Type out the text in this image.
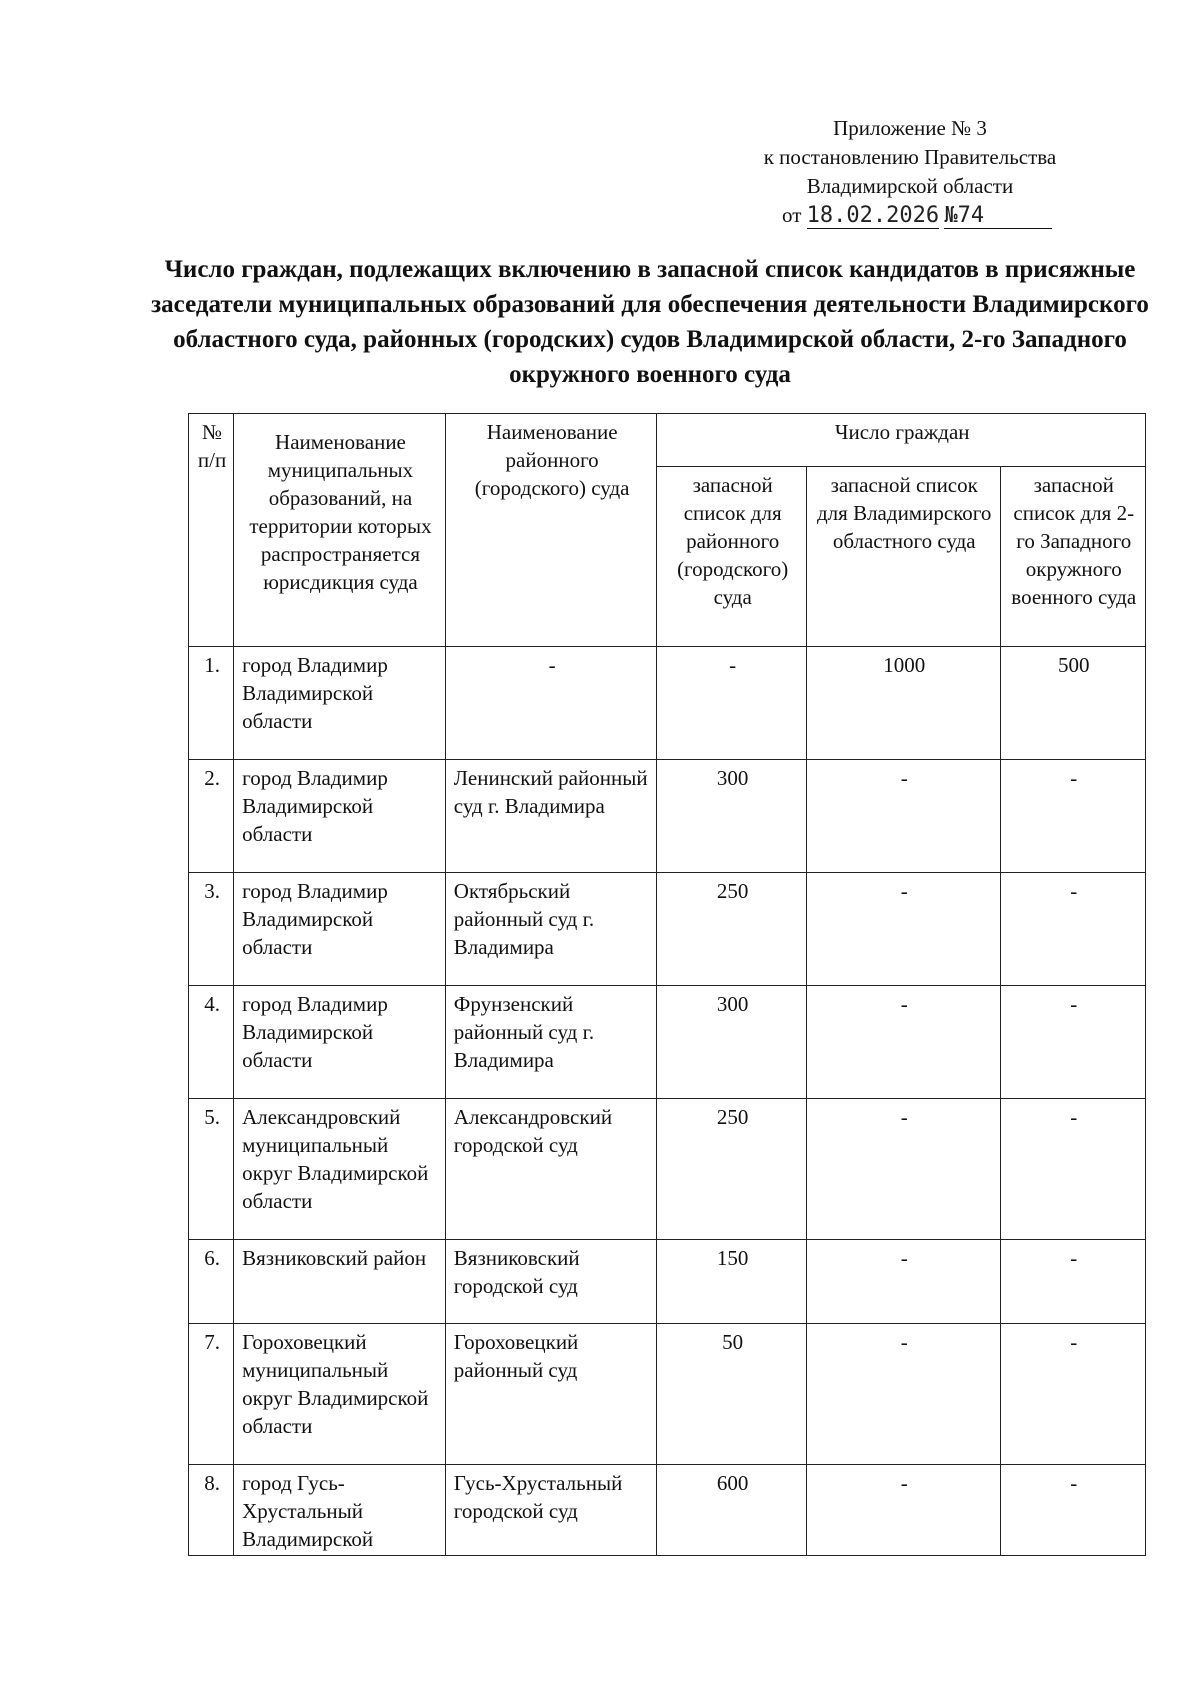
Приложение № 3
к постановлению Правительства
Владимирской области
от 18.02.2026 №74
Число граждан, подлежащих включению в запасной список кандидатов в присяжные заседатели муниципальных образований для обеспечения деятельности Владимирского областного суда, районных (городских) судов Владимирской области, 2-го Западного окружного военного суда
№ п/п	Наименование муниципальных образований, на территории которых распространяется юрисдикция суда	Наименование районного (городского) суда	Число граждан		
			запасной список для районного (городского) суда	запасной список для Владимирского областного суда	запасной список для 2-го Западного окружного военного суда
1.	город Владимир Владимирской области	-	-	1000	500
2.	город Владимир Владимирской области	Ленинский районный суд г. Владимира	300	-	-
3.	город Владимир Владимирской области	Октябрьский районный суд г. Владимира	250	-	-
4.	город Владимир Владимирской области	Фрунзенский районный суд г. Владимира	300	-	-
5.	Александровский муниципальный округ Владимирской области	Александровский городской суд	250	-	-
6.	Вязниковский район	Вязниковский городской суд	150	-	-
7.	Гороховецкий муниципальный округ Владимирской области	Гороховецкий районный суд	50	-	-
8.	город Гусь-Хрустальный Владимирской	Гусь-Хрустальный городской суд	600	-	-
